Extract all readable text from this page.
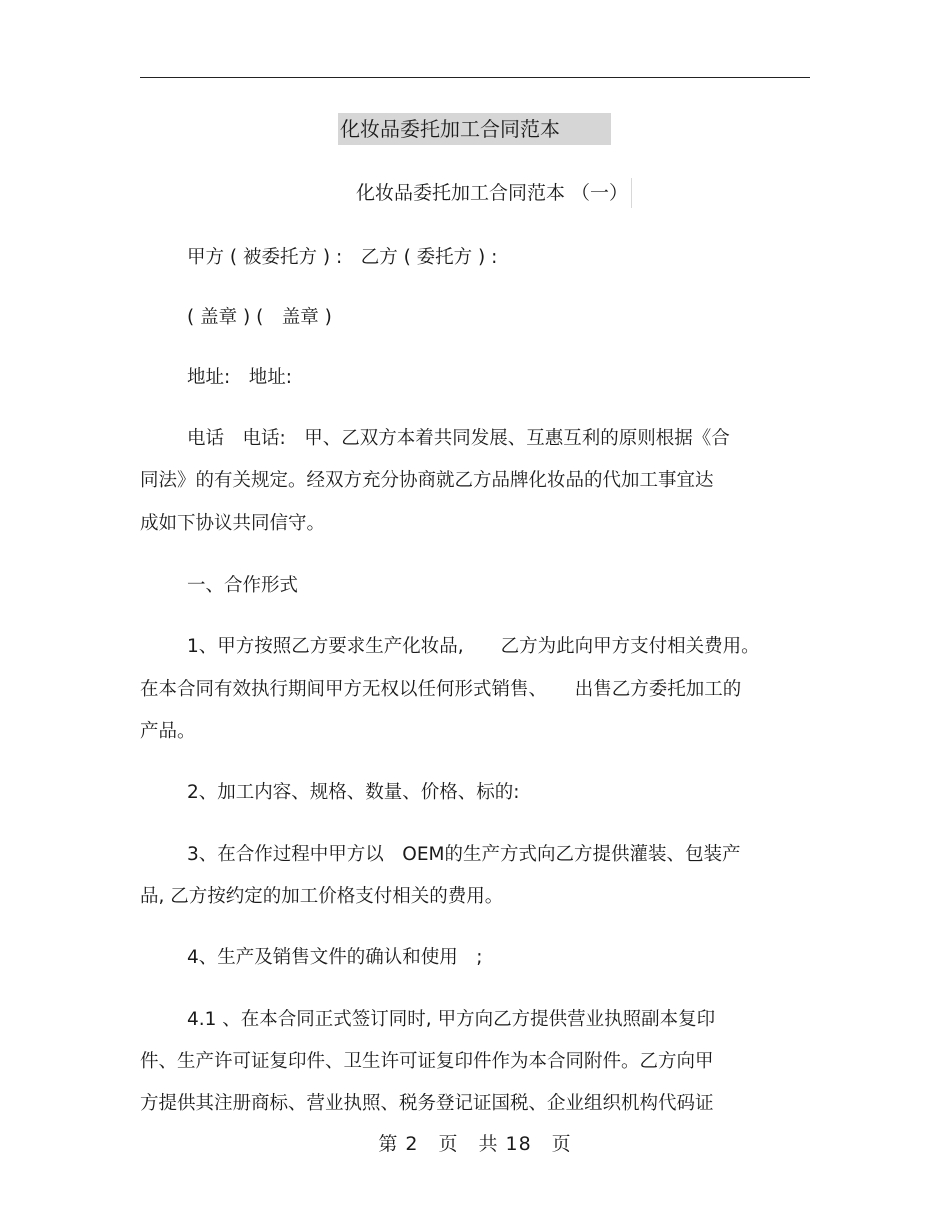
化妆品委托加工合同范本
化妆品委托加工合同范本 （一）
甲方 ( 被委托方 ) :　乙方 ( 委托方 ) :
( 盖章 ) (　盖章 )
地址:　地址:
电话　电话:　甲、乙双方本着共同发展、互惠互利的原则根据《合
同法》的有关规定。经双方充分协商就乙方品牌化妆品的代加工事宜达
成如下协议共同信守。
一、合作形式
1、甲方按照乙方要求生产化妆品,　　乙方为此向甲方支付相关费用。
在本合同有效执行期间甲方无权以任何形式销售、　　出售乙方委托加工的
产品。
2、加工内容、规格、数量、价格、标的:
3、在合作过程中甲方以　OEM的生产方式向乙方提供灌装、包装产
品, 乙方按约定的加工价格支付相关的费用。
4、生产及销售文件的确认和使用　;
4.1 、在本合同正式签订同时, 甲方向乙方提供营业执照副本复印
件、生产许可证复印件、卫生许可证复印件作为本合同附件。乙方向甲
方提供其注册商标、营业执照、税务登记证国税、企业组织机构代码证
第 2　页　共 18　页
